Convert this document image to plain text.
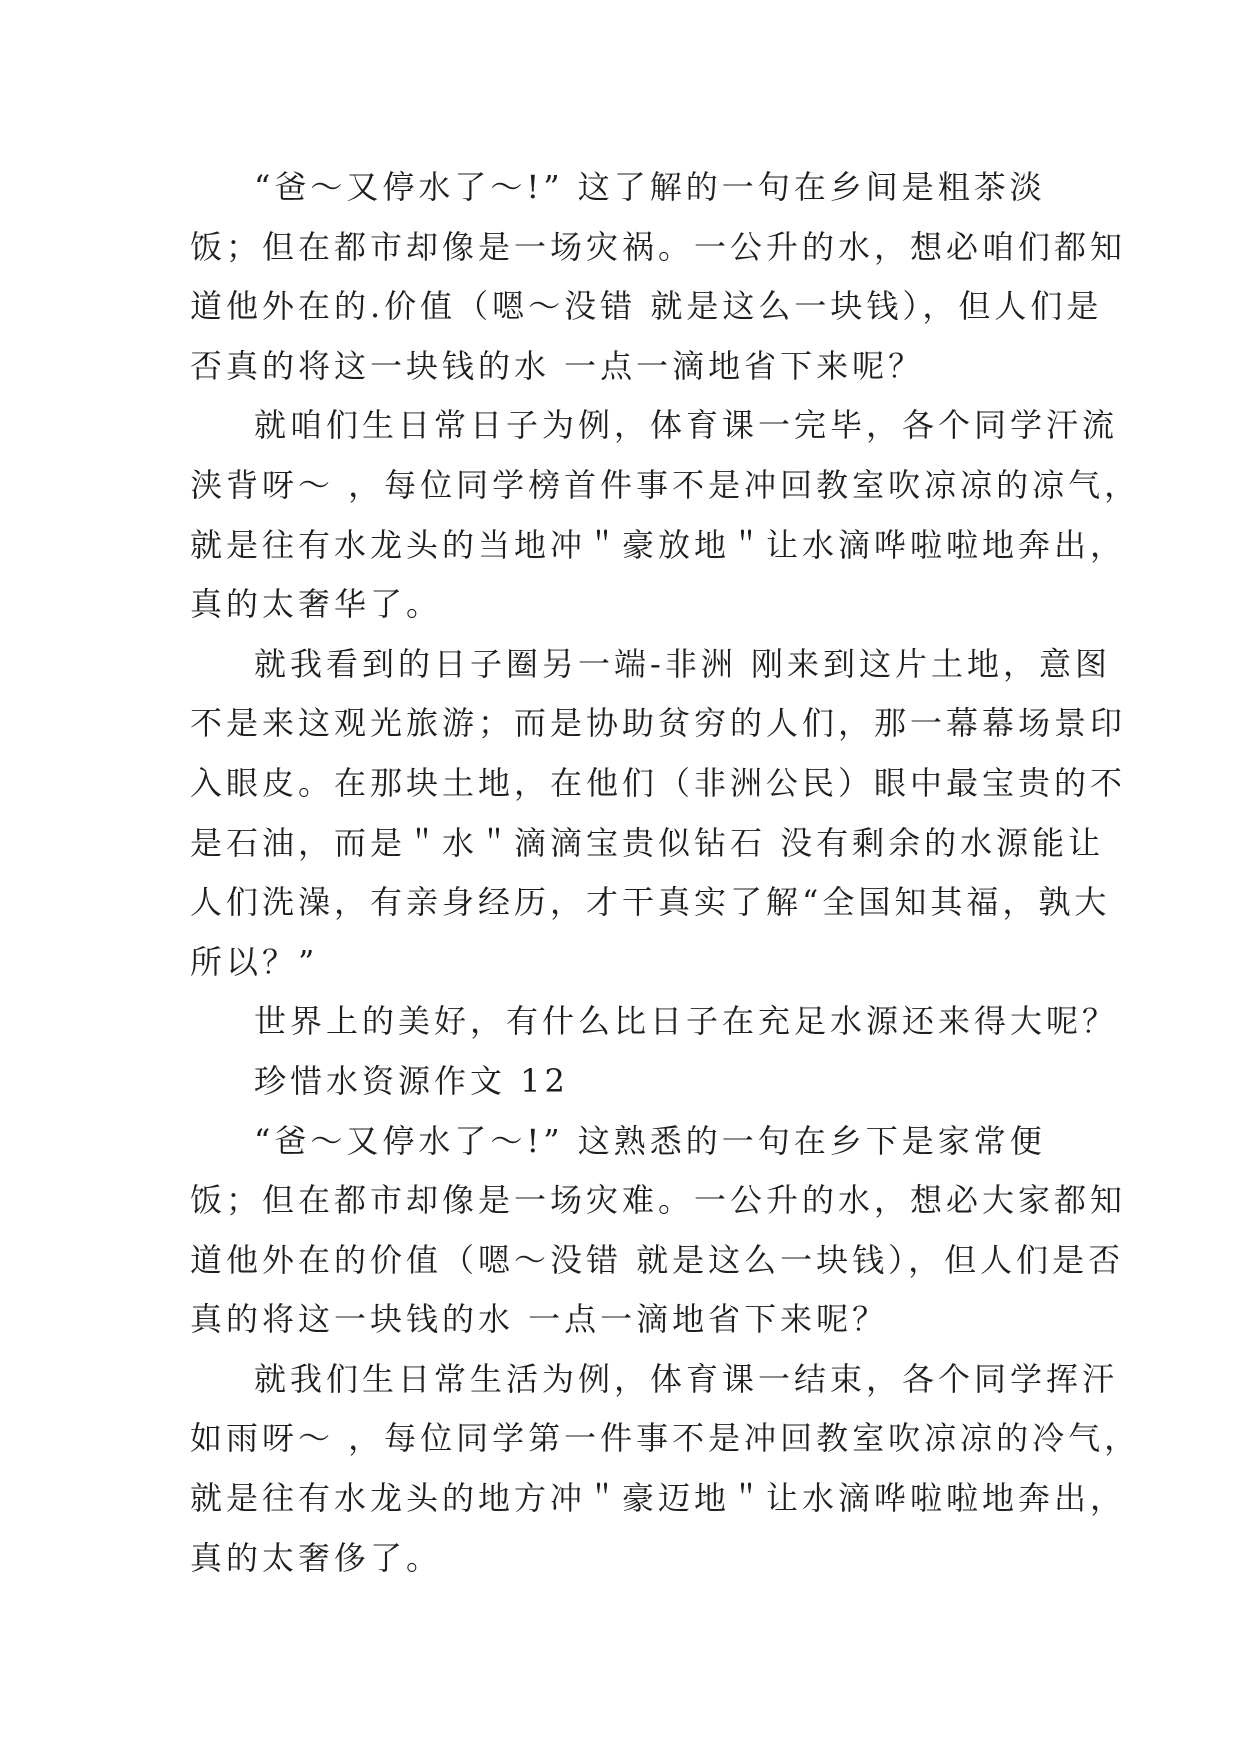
“爸～又停水了～!” 这了解的一句在乡间是粗茶淡
饭；但在都市却像是一场灾祸。一公升的水，想必咱们都知
道他外在的.价值（嗯～没错 就是这么一块钱），但人们是
否真的将这一块钱的水 一点一滴地省下来呢？
就咱们生日常日子为例，体育课一完毕，各个同学汗流
浃背呀～ ，每位同学榜首件事不是冲回教室吹凉凉的凉气，
就是往有水龙头的当地冲＂豪放地＂让水滴哗啦啦地奔出，
真的太奢华了。
就我看到的日子圈另一端-非洲 刚来到这片土地，意图
不是来这观光旅游；而是协助贫穷的人们，那一幕幕场景印
入眼皮。在那块土地，在他们（非洲公民）眼中最宝贵的不
是石油，而是＂水＂滴滴宝贵似钻石 没有剩余的水源能让
人们洗澡，有亲身经历，才干真实了解“全国知其福，孰大
所以？”
世界上的美好，有什么比日子在充足水源还来得大呢？
珍惜水资源作文 12
“爸～又停水了～!” 这熟悉的一句在乡下是家常便
饭；但在都市却像是一场灾难。一公升的水，想必大家都知
道他外在的价值（嗯～没错 就是这么一块钱），但人们是否
真的将这一块钱的水 一点一滴地省下来呢？
就我们生日常生活为例，体育课一结束，各个同学挥汗
如雨呀～ ，每位同学第一件事不是冲回教室吹凉凉的冷气，
就是往有水龙头的地方冲＂豪迈地＂让水滴哗啦啦地奔出，
真的太奢侈了。
